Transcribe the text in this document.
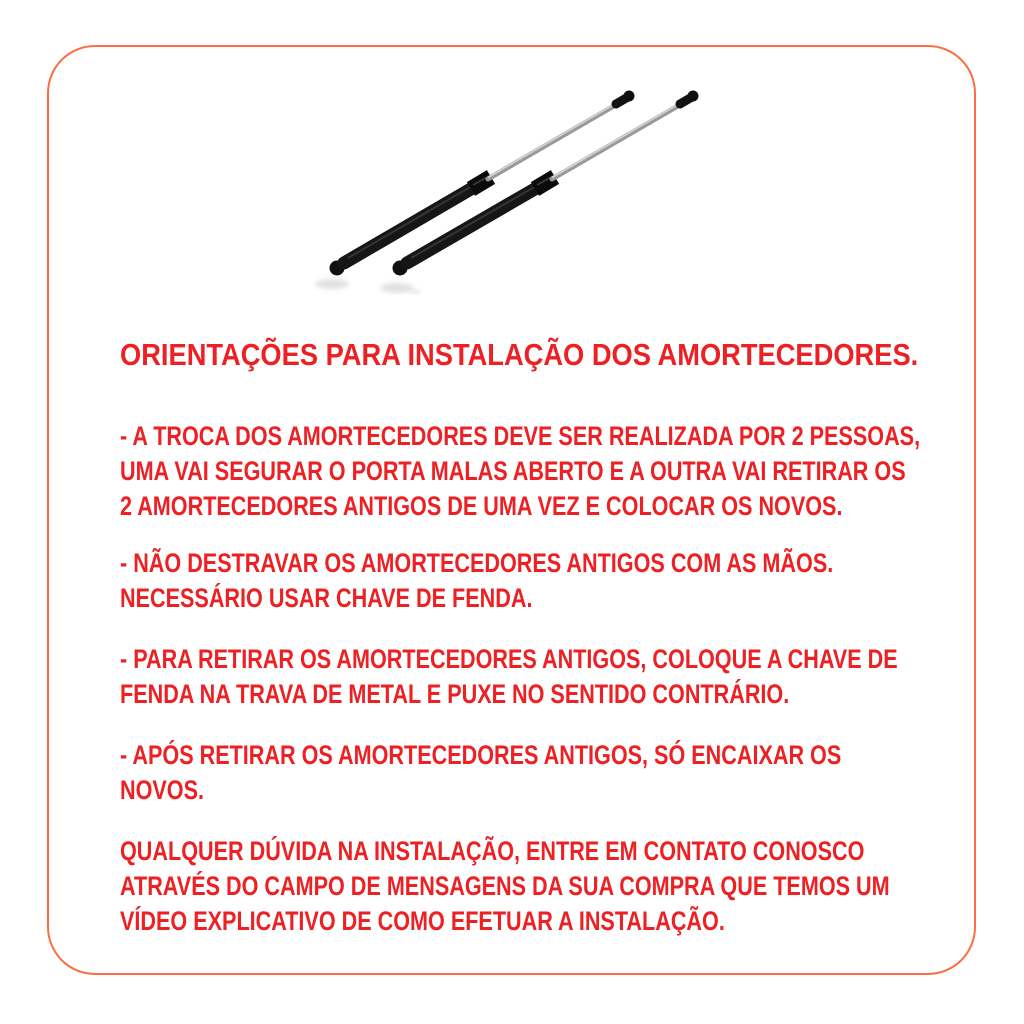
ORIENTAÇÕES PARA INSTALAÇÃO DOS AMORTECEDORES.
- A TROCA DOS AMORTECEDORES DEVE SER REALIZADA POR 2 PESSOAS,
UMA VAI SEGURAR O PORTA MALAS ABERTO E A OUTRA VAI RETIRAR OS
2 AMORTECEDORES ANTIGOS DE UMA VEZ E COLOCAR OS NOVOS.
- NÃO DESTRAVAR OS AMORTECEDORES ANTIGOS COM AS MÃOS.
NECESSÁRIO USAR CHAVE DE FENDA.
- PARA RETIRAR OS AMORTECEDORES ANTIGOS, COLOQUE A CHAVE DE
FENDA NA TRAVA DE METAL E PUXE NO SENTIDO CONTRÁRIO.
- APÓS RETIRAR OS AMORTECEDORES ANTIGOS, SÓ ENCAIXAR OS
NOVOS.
QUALQUER DÚVIDA NA INSTALAÇÃO, ENTRE EM CONTATO CONOSCO
ATRAVÉS DO CAMPO DE MENSAGENS DA SUA COMPRA QUE TEMOS UM
VÍDEO EXPLICATIVO DE COMO EFETUAR A INSTALAÇÃO.
